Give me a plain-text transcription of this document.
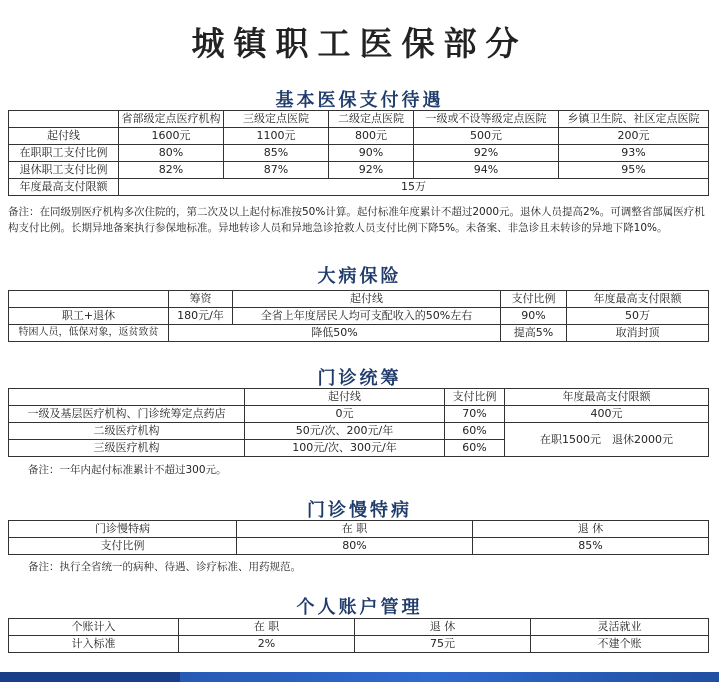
城镇职工医保部分
基本医保支付待遇
	省部级定点医疗机构	三级定点医院	二级定点医院	一级或不设等级定点医院	乡镇卫生院、社区定点医院
起付线	1600元	1100元	800元	500元	200元
在职职工支付比例	80%	85%	90%	92%	93%
退休职工支付比例	82%	87%	92%	94%	95%
年度最高支付限额	15万				
备注：在同级别医疗机构多次住院的，第二次及以上起付标准按50%计算。起付标准年度累计不超过2000元。退休人员提高2%。可调整省部属医疗机构支付比例。长期异地备案执行参保地标准。异地转诊人员和异地急诊抢救人员支付比例下降5%。未备案、非急诊且未转诊的异地下降10%。
大病保险
	筹资	起付线	支付比例	年度最高支付限额
职工+退休	180元/年	全省上年度居民人均可支配收入的50%左右	90%	50万
特困人员，低保对象，返贫致贫	降低50%		提高5%	取消封顶
门诊统筹
	起付线	支付比例	年度最高支付限额
一级及基层医疗机构、门诊统筹定点药店	0元	70%	400元
二级医疗机构	50元/次、200元/年	60%	在职1500元　退休2000元
三级医疗机构	100元/次、300元/年	60%	
备注：一年内起付标准累计不超过300元。
门诊慢特病
门诊慢特病	在 职	退 休
支付比例	80%	85%
备注：执行全省统一的病种、待遇、诊疗标准、用药规范。
个人账户管理
个账计入	在 职	退 休	灵活就业
计入标准	2%	75元	不建个账
